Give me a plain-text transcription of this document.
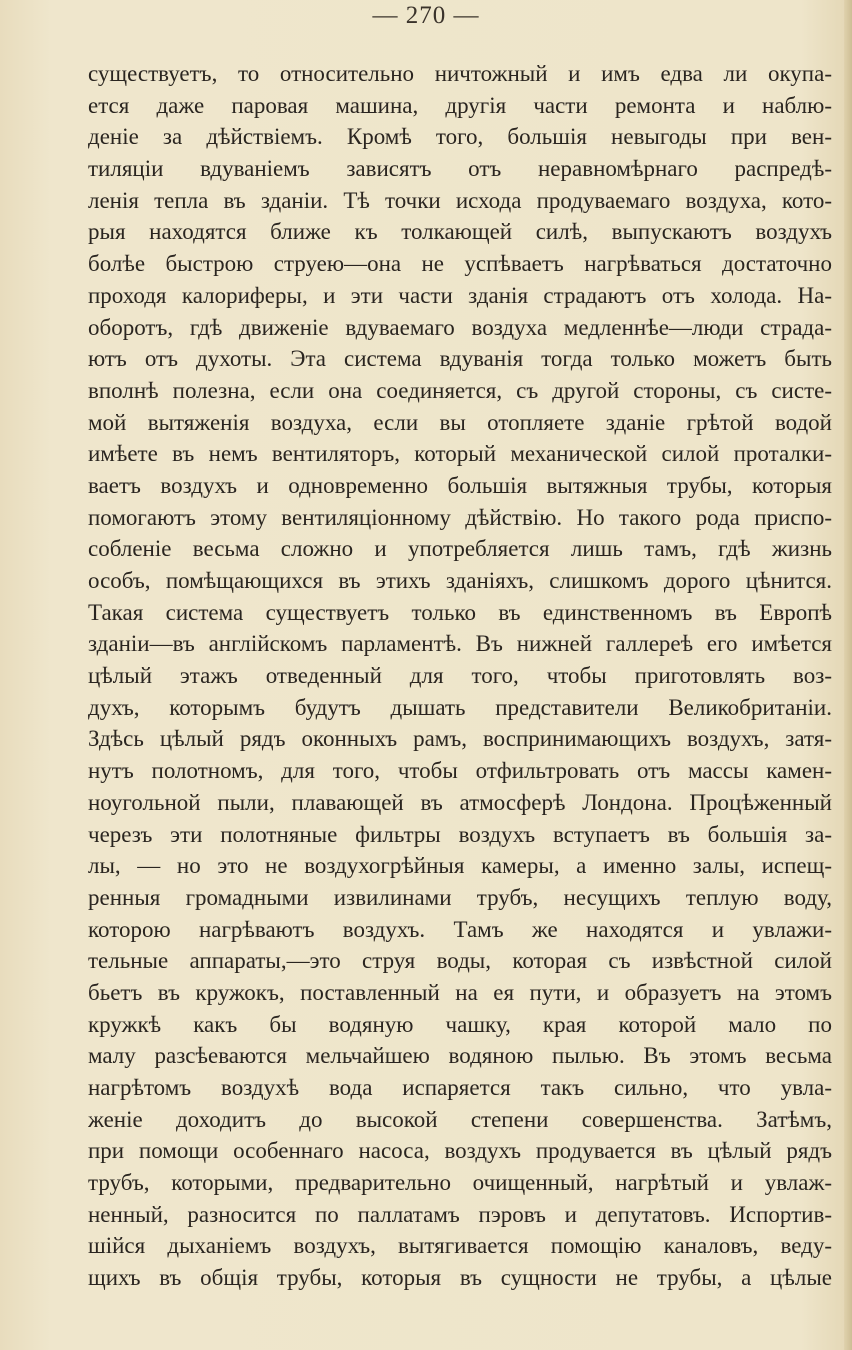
— 270 —
существуетъ, то относительно ничтожный и имъ едва ли окупа-
ется даже паровая машина, другія части ремонта и наблю-
деніе за дѣйствіемъ. Кромѣ того, большія невыгоды при вен-
тиляціи вдуваніемъ зависятъ отъ неравномѣрнаго распредѣ-
ленія тепла въ зданіи. Тѣ точки исхода продуваемаго воздуха, кото-
рыя находятся ближе къ толкающей силѣ, выпускаютъ воздухъ
болѣе быстрою струею—она не успѣваетъ нагрѣваться достаточно
проходя калориферы, и эти части зданія страдаютъ отъ холода. На-
оборотъ, гдѣ движеніе вдуваемаго воздуха медленнѣе—люди страда-
ютъ отъ духоты. Эта система вдуванія тогда только можетъ быть
вполнѣ полезна, если она соединяется, съ другой стороны, съ систе-
мой вытяженія воздуха, если вы отопляете зданіе грѣтой водой
имѣете въ немъ вентиляторъ, который механической силой проталки-
ваетъ воздухъ и одновременно большія вытяжныя трубы, которыя
помогаютъ этому вентиляціонному дѣйствію. Но такого рода приспо-
собленіе весьма сложно и употребляется лишь тамъ, гдѣ жизнь
особъ, помѣщающихся въ этихъ зданіяхъ, слишкомъ дорого цѣнится.
Такая система существуетъ только въ единственномъ въ Европѣ
зданіи—въ англійскомъ парламентѣ. Въ нижней галлереѣ его имѣется
цѣлый этажъ отведенный для того, чтобы приготовлять воз-
духъ, которымъ будутъ дышать представители Великобританіи.
Здѣсь цѣлый рядъ оконныхъ рамъ, воспринимающихъ воздухъ, затя-
нутъ полотномъ, для того, чтобы отфильтровать отъ массы камен-
ноугольной пыли, плавающей въ атмосферѣ Лондона. Процѣженный
черезъ эти полотняные фильтры воздухъ вступаетъ въ большія за-
лы, — но это не воздухогрѣйныя камеры, а именно залы, испещ-
ренныя громадными извилинами трубъ, несущихъ теплую воду,
которою нагрѣваютъ воздухъ. Тамъ же находятся и увлажи-
тельные аппараты,—это струя воды, которая съ извѣстной силой
бьетъ въ кружокъ, поставленный на ея пути, и образуетъ на этомъ
кружкѣ какъ бы водяную чашку, края которой мало по
малу разсѣеваются мельчайшею водяною пылью. Въ этомъ весьма
нагрѣтомъ воздухѣ вода испаряется такъ сильно, что увла-
женіе доходитъ до высокой степени совершенства. Затѣмъ,
при помощи особеннаго насоса, воздухъ продувается въ цѣлый рядъ
трубъ, которыми, предварительно очищенный, нагрѣтый и увлаж-
ненный, разносится по паллатамъ пэровъ и депутатовъ. Испортив-
шійся дыханіемъ воздухъ, вытягивается помощію каналовъ, веду-
щихъ въ общія трубы, которыя въ сущности не трубы, а цѣлые
